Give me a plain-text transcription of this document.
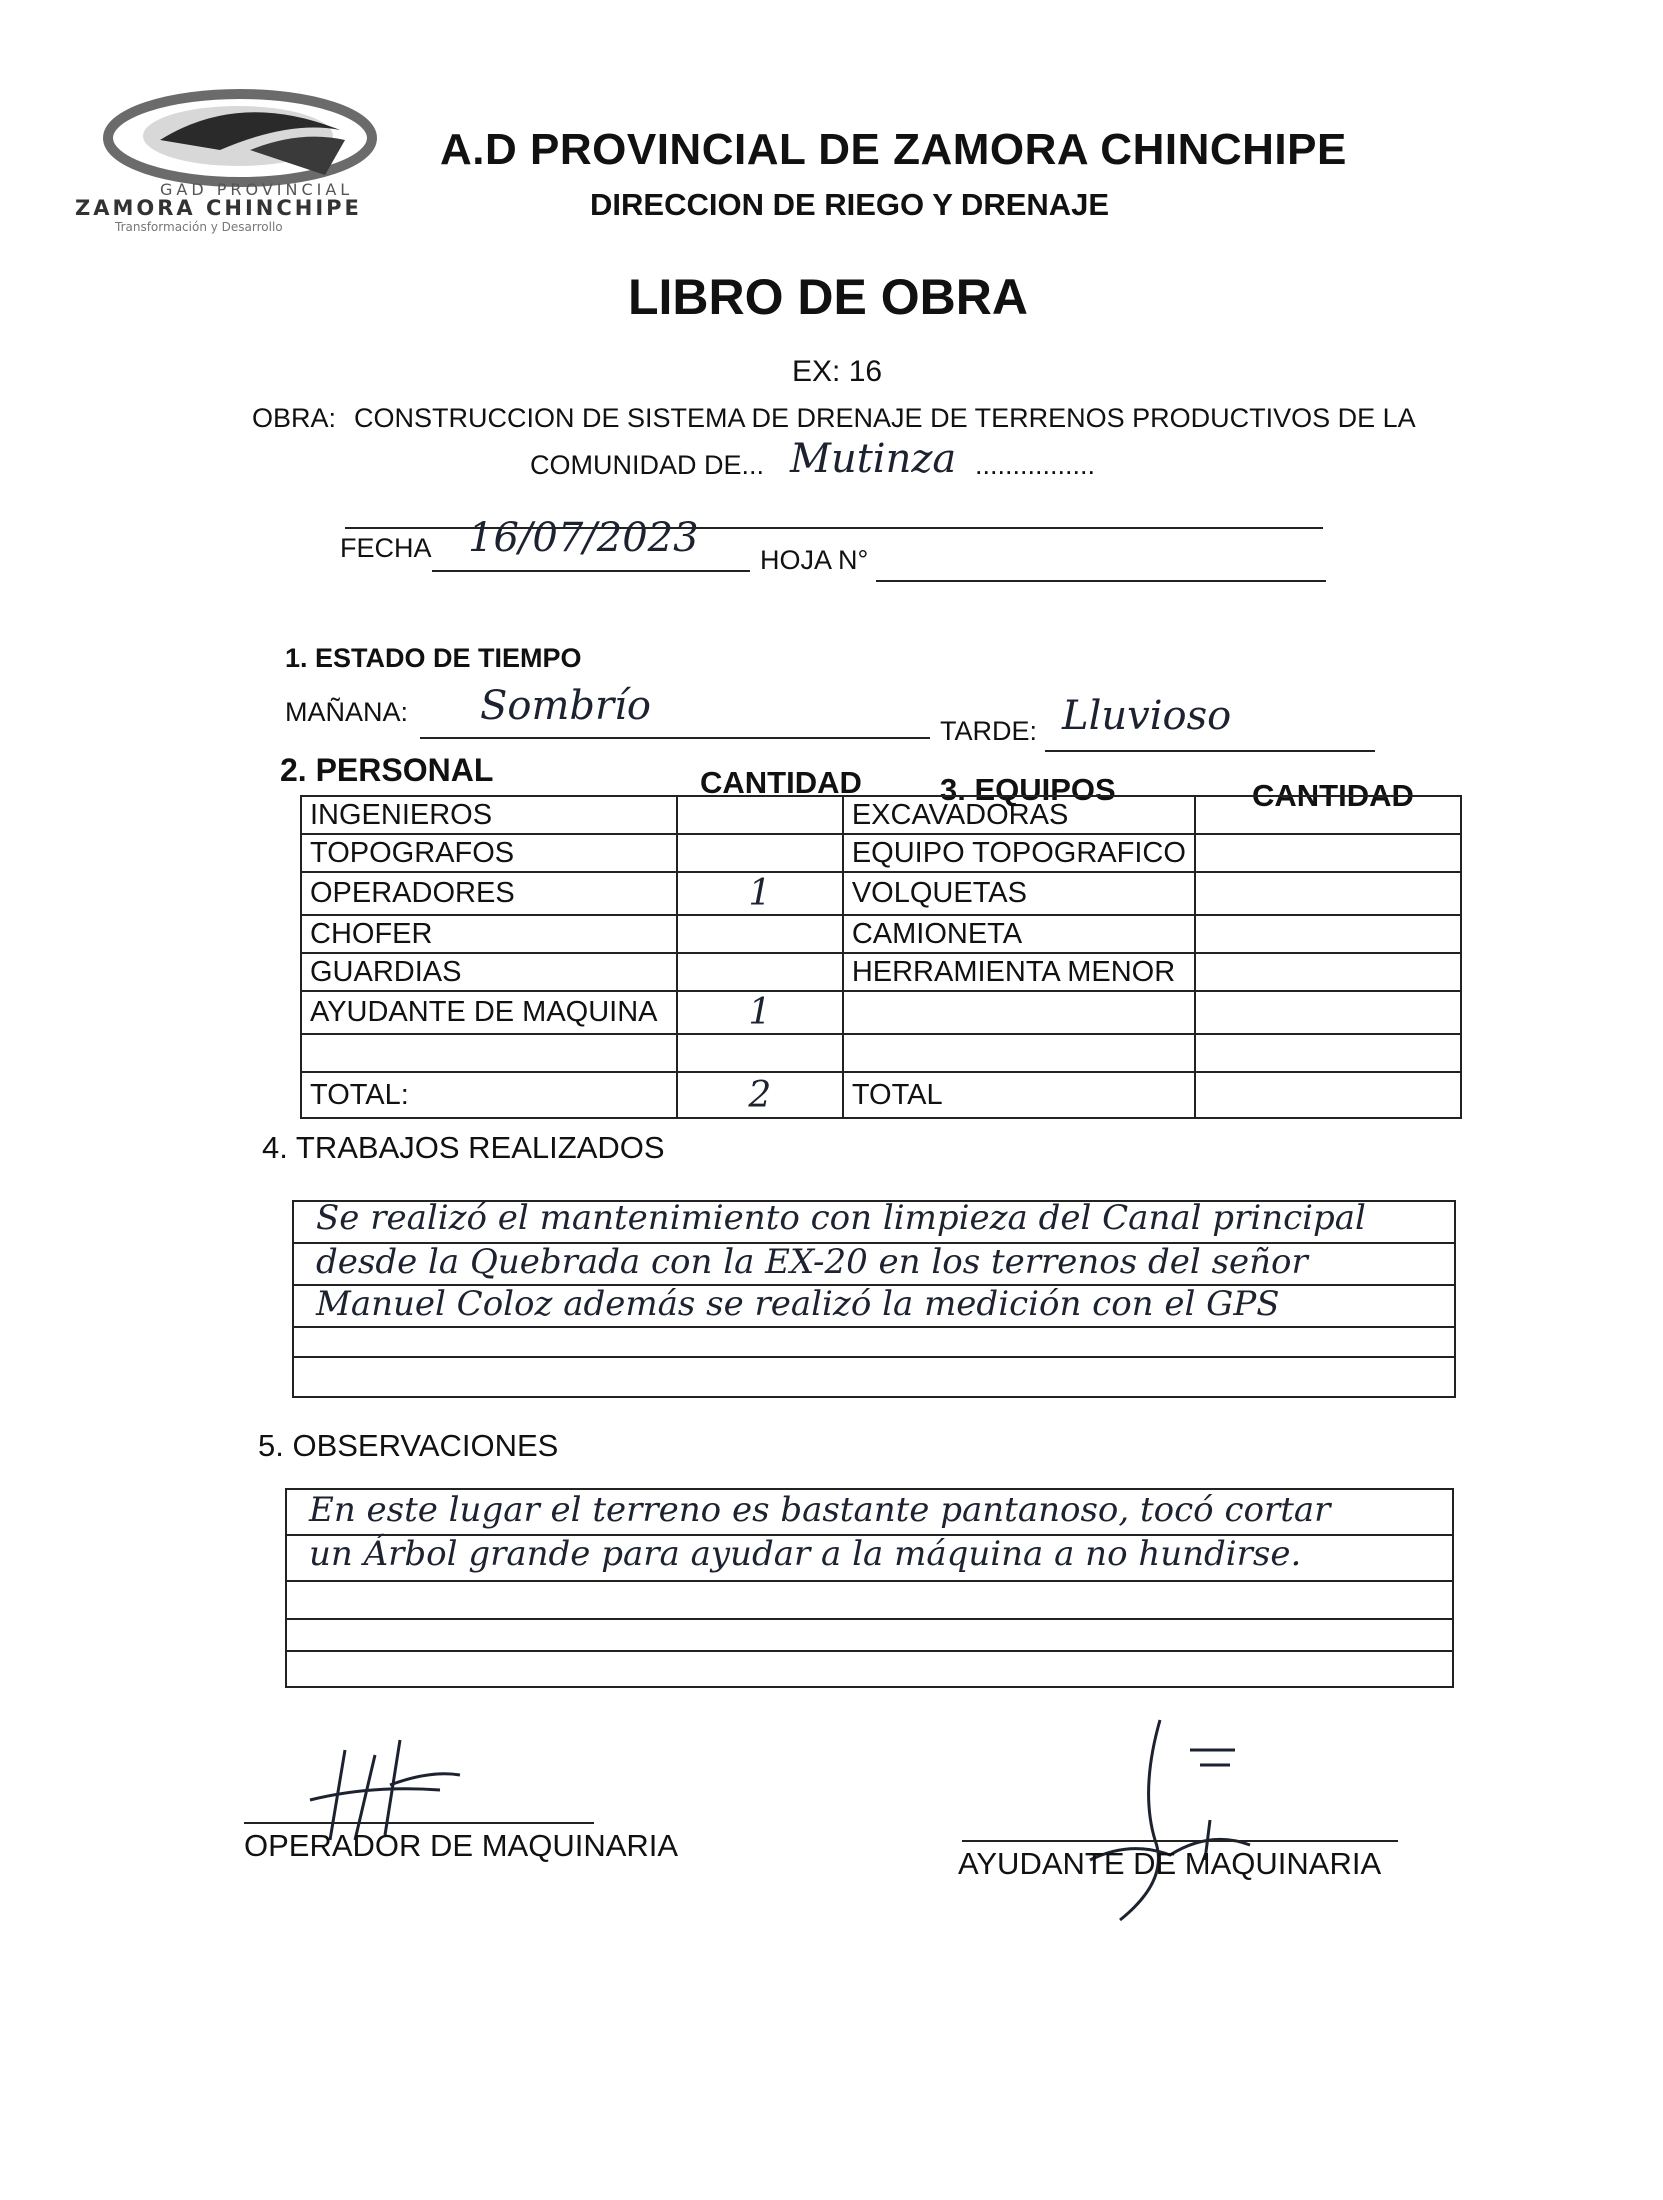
GAD PROVINCIAL
ZAMORA CHINCHIPE
Transformación y Desarrollo
A.D PROVINCIAL DE ZAMORA CHINCHIPE
DIRECCION DE RIEGO Y DRENAJE
LIBRO DE OBRA
EX: 16
OBRA: CONSTRUCCION DE SISTEMA DE DRENAJE DE TERRENOS PRODUCTIVOS DE LA
COMUNIDAD DE... Mutinza ................
FECHA 16/07/2023 HOJA N°
1. ESTADO DE TIEMPO
MAÑANA: Sombrío
TARDE: Lluvioso
2. PERSONAL	CANTIDAD	3. EQUIPOS	CANTIDAD
INGENIEROS		EXCAVADORAS	
TOPOGRAFOS		EQUIPO TOPOGRAFICO	
OPERADORES	1	VOLQUETAS	
CHOFER		CAMIONETA	
GUARDIAS		HERRAMIENTA MENOR	
AYUDANTE DE MAQUINA	1		

TOTAL:	2	TOTAL	
4. TRABAJOS REALIZADOS
Se realizó el mantenimiento con limpieza del Canal principal
desde la Quebrada con la EX-20 en los terrenos del señor
Manuel Coloz además se realizó la medición con el GPS
5. OBSERVACIONES
En este lugar el terreno es bastante pantanoso, tocó cortar
un Árbol grande para ayudar a la máquina a no hundirse.
OPERADOR DE MAQUINARIA
AYUDANTE DE MAQUINARIA
